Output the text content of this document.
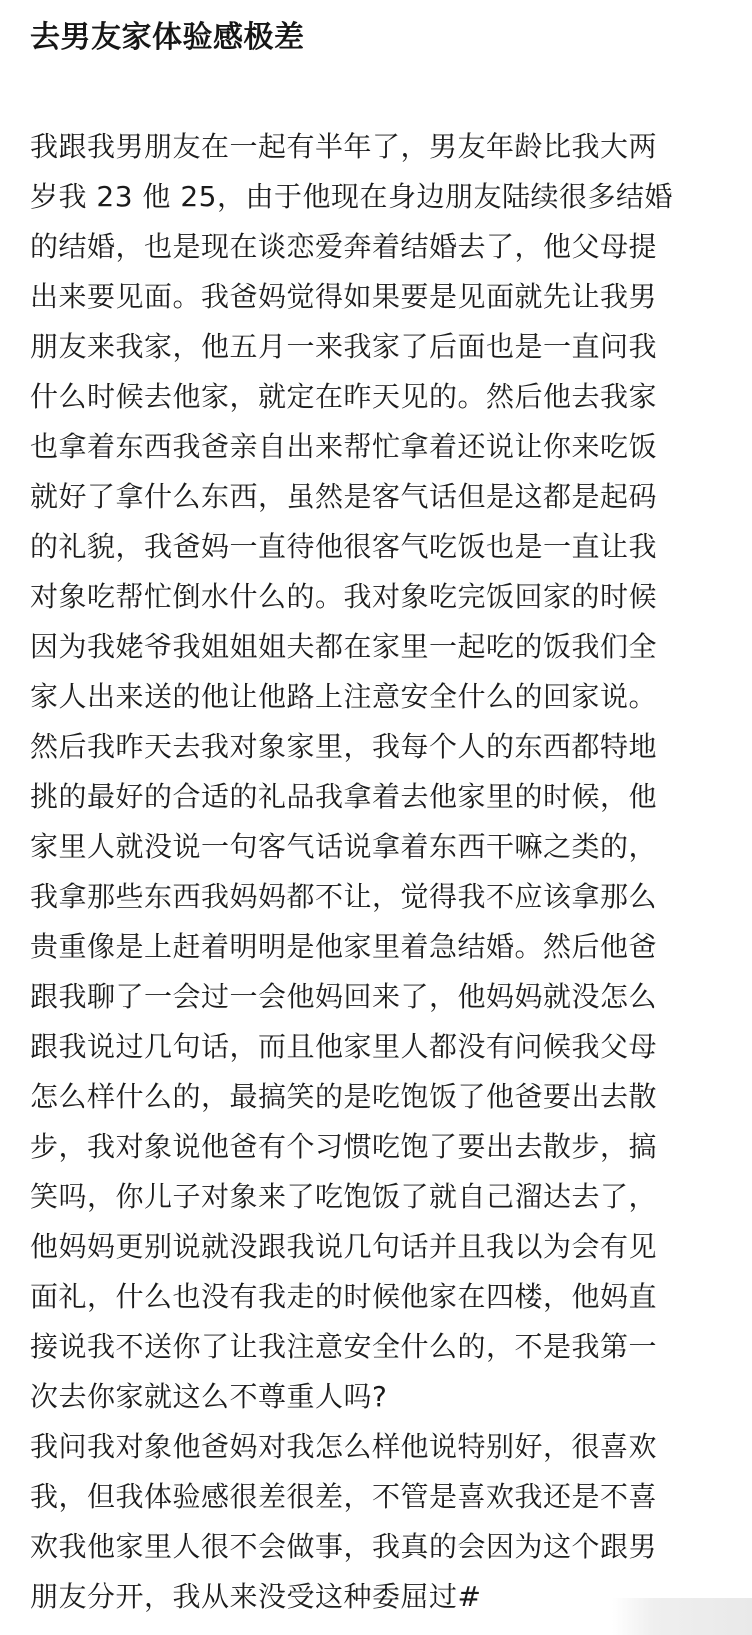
去男友家体验感极差
我跟我男朋友在一起有半年了，男友年龄比我大两
岁我 23 他 25，由于他现在身边朋友陆续很多结婚
的结婚，也是现在谈恋爱奔着结婚去了，他父母提
出来要见面。我爸妈觉得如果要是见面就先让我男
朋友来我家，他五月一来我家了后面也是一直问我
什么时候去他家，就定在昨天见的。然后他去我家
也拿着东西我爸亲自出来帮忙拿着还说让你来吃饭
就好了拿什么东西，虽然是客气话但是这都是起码
的礼貌，我爸妈一直待他很客气吃饭也是一直让我
对象吃帮忙倒水什么的。我对象吃完饭回家的时候
因为我姥爷我姐姐姐夫都在家里一起吃的饭我们全
家人出来送的他让他路上注意安全什么的回家说。
然后我昨天去我对象家里，我每个人的东西都特地
挑的最好的合适的礼品我拿着去他家里的时候，他
家里人就没说一句客气话说拿着东西干嘛之类的，
我拿那些东西我妈妈都不让，觉得我不应该拿那么
贵重像是上赶着明明是他家里着急结婚。然后他爸
跟我聊了一会过一会他妈回来了，他妈妈就没怎么
跟我说过几句话，而且他家里人都没有问候我父母
怎么样什么的，最搞笑的是吃饱饭了他爸要出去散
步，我对象说他爸有个习惯吃饱了要出去散步，搞
笑吗，你儿子对象来了吃饱饭了就自己溜达去了，
他妈妈更别说就没跟我说几句话并且我以为会有见
面礼，什么也没有我走的时候他家在四楼，他妈直
接说我不送你了让我注意安全什么的，不是我第一
次去你家就这么不尊重人吗?
我问我对象他爸妈对我怎么样他说特别好，很喜欢
我，但我体验感很差很差，不管是喜欢我还是不喜
欢我他家里人很不会做事，我真的会因为这个跟男
朋友分开，我从来没受这种委屈过#
